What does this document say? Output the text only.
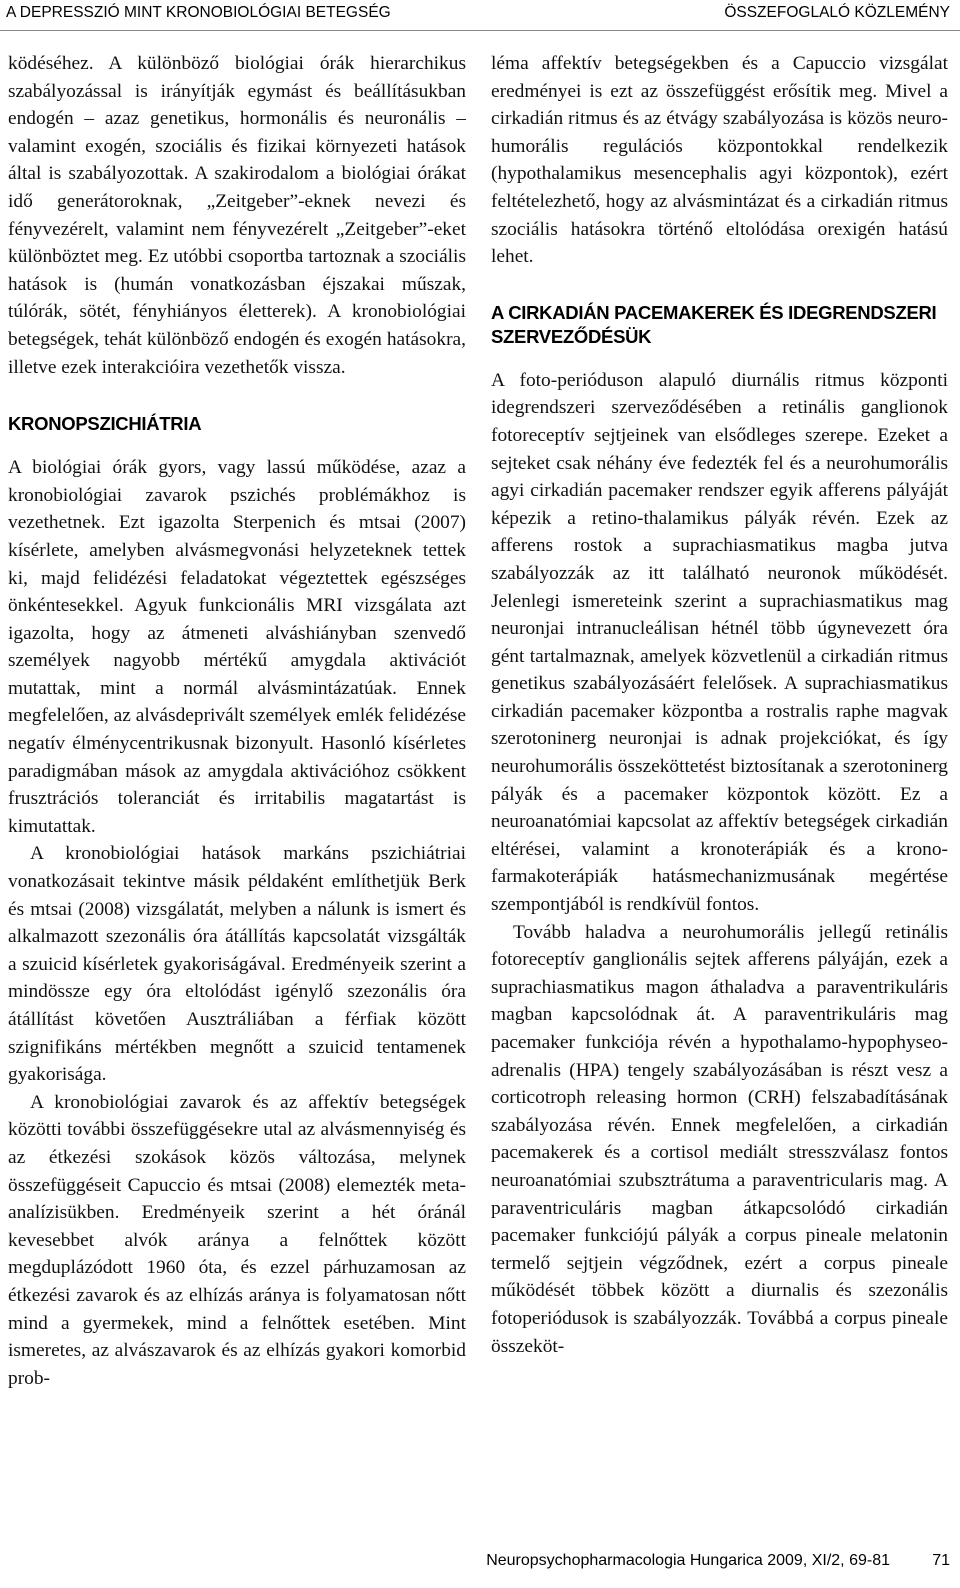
A DEPRESSZIÓ MINT KRONOBIOLÓGIAI BETEGSÉG	ÖSSZEFOGLALÓ KÖZLEMÉNY

ködéséhez. A különböző biológiai órák hierarchikus szabályozással is irányítják egymást és beállításukban endogén – azaz genetikus, hormonális és neuronális – valamint exogén, szociális és fizikai környezeti hatások által is szabályozottak. A szakirodalom a biológiai órákat idő generátoroknak, „Zeitgeber”-eknek nevezi és fényvezérelt, valamint nem fényvezérelt „Zeitgeber”-eket különböztet meg. Ez utóbbi csoportba tartoznak a szociális hatások is (humán vonatkozásban éjszakai műszak, túlórák, sötét, fényhiányos életterek). A kronobiológiai betegségek, tehát különböző endogén és exogén hatásokra, illetve ezek interakcióira vezethetők vissza.

KRONOPSZICHIÁTRIA

A biológiai órák gyors, vagy lassú működése, azaz a kronobiológiai zavarok pszichés problémákhoz is vezethetnek. Ezt igazolta Sterpenich és mtsai (2007) kísérlete, amelyben alvásmegvonási helyzeteknek tettek ki, majd felidézési feladatokat végeztettek egészséges önkéntesekkel. Agyuk funkcionális MRI vizsgálata azt igazolta, hogy az átmeneti alváshiányban szenvedő személyek nagyobb mértékű amygdala aktivációt mutattak, mint a normál alvásmintázatúak. Ennek megfelelően, az alvásdeprivált személyek emlék felidézése negatív élménycentrikusnak bizonyult. Hasonló kísérletes paradigmában mások az amygdala aktivációhoz csökkent frusztrációs toleranciát és irritabilis magatartást is kimutattak.

A kronobiológiai hatások markáns pszichiátriai vonatkozásait tekintve másik példaként említhetjük Berk és mtsai (2008) vizsgálatát, melyben a nálunk is ismert és alkalmazott szezonális óra átállítás kapcsolatát vizsgálták a szuicid kísérletek gyakoriságával. Eredményeik szerint a mindössze egy óra eltolódást igénylő szezonális óra átállítást követően Ausztráliában a férfiak között szignifikáns mértékben megnőtt a szuicid tentamenek gyakorisága.

A kronobiológiai zavarok és az affektív betegségek közötti további összefüggésekre utal az alvásmennyiség és az étkezési szokások közös változása, melynek összefüggéseit Capuccio és mtsai (2008) elemezték meta-analízisükben. Eredményeik szerint a hét óránál kevesebbet alvók aránya a felnőttek között megduplázódott 1960 óta, és ezzel párhuzamosan az étkezési zavarok és az elhízás aránya is folyamatosan nőtt mind a gyermekek, mind a felnőttek esetében. Mint ismeretes, az alvászavarok és az elhízás gyakori komorbid prob-

léma affektív betegségekben és a Capuccio vizsgálat eredményei is ezt az összefüggést erősítik meg. Mivel a cirkadián ritmus és az étvágy szabályozása is közös neuro-humorális regulációs központokkal rendelkezik (hypothalamikus mesencephalis agyi központok), ezért feltételezhető, hogy az alvásmintázat és a cirkadián ritmus szociális hatásokra történő eltolódása orexigén hatású lehet.

A CIRKADIÁN PACEMAKEREK ÉS IDEGRENDSZERI SZERVEZŐDÉSÜK

A foto-perióduson alapuló diurnális ritmus központi idegrendszeri szerveződésében a retinális ganglionok fotoreceptív sejtjeinek van elsődleges szerepe. Ezeket a sejteket csak néhány éve fedezték fel és a neurohumorális agyi cirkadián pacemaker rendszer egyik afferens pályáját képezik a retino-thalamikus pályák révén. Ezek az afferens rostok a suprachiasmatikus magba jutva szabályozzák az itt található neuronok működését. Jelenlegi ismereteink szerint a suprachiasmatikus mag neuronjai intranucleálisan hétnél több úgynevezett óra gént tartalmaznak, amelyek közvetlenül a cirkadián ritmus genetikus szabályozásáért felelősek. A suprachiasmatikus cirkadián pacemaker központba a rostralis raphe magvak szerotoninerg neuronjai is adnak projekciókat, és így neurohumorális összeköttetést biztosítanak a szerotoninerg pályák és a pacemaker központok között. Ez a neuroanatómiai kapcsolat az affektív betegségek cirkadián eltérései, valamint a kronoterápiák és a krono-farmakoterápiák hatásmechanizmusának megértése szempontjából is rendkívül fontos.

Tovább haladva a neurohumorális jellegű retinális fotoreceptív ganglionális sejtek afferens pályáján, ezek a suprachiasmatikus magon áthaladva a paraventrikuláris magban kapcsolódnak át. A paraventrikuláris mag pacemaker funkciója révén a hypothalamo-hypophyseo-adrenalis (HPA) tengely szabályozásában is részt vesz a corticotroph releasing hormon (CRH) felszabadításának szabályozása révén. Ennek megfelelően, a cirkadián pacemakerek és a cortisol mediált stresszválasz fontos neuroanatómiai szubsztrátuma a paraventricularis mag. A paraventriculáris magban átkapcsolódó cirkadián pacemaker funkciójú pályák a corpus pineale melatonin termelő sejtjein végződnek, ezért a corpus pineale működését többek között a diurnalis és szezonális fotoperiódusok is szabályozzák. Továbbá a corpus pineale összeköt-

Neuropsychopharmacologia Hungarica 2009, XI/2, 69-81	71
